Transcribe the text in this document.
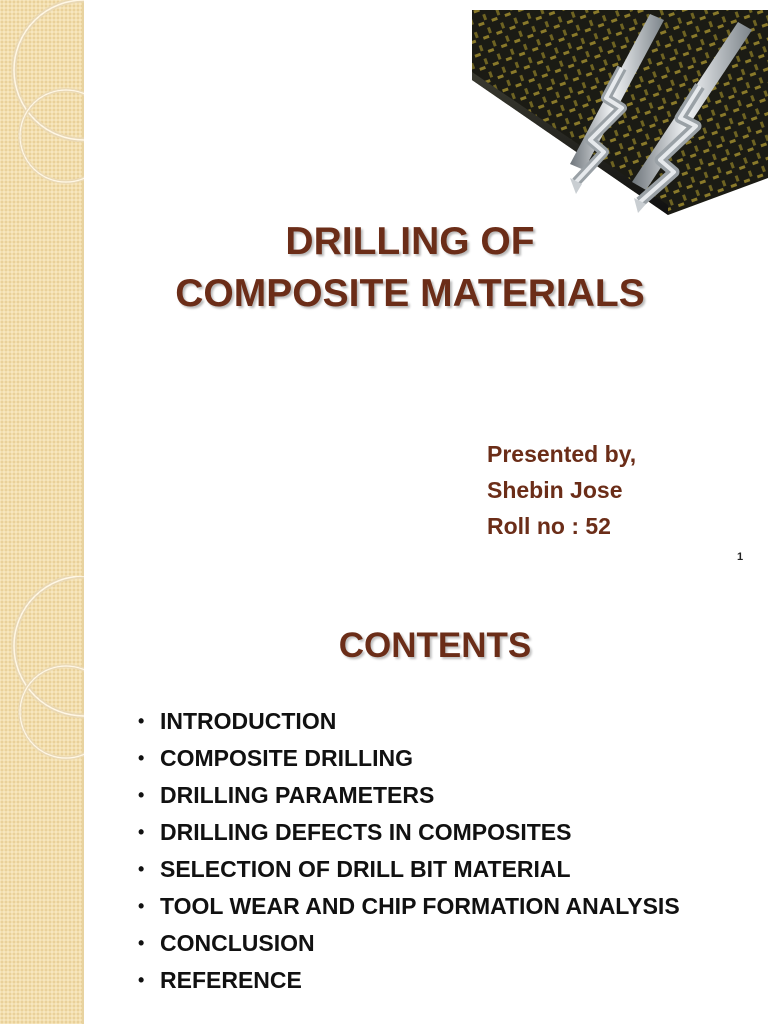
DRILLING OF
COMPOSITE MATERIALS
Presented by,
Shebin Jose
Roll no : 52
1
CONTENTS
• INTRODUCTION
• COMPOSITE DRILLING
• DRILLING PARAMETERS
• DRILLING DEFECTS IN COMPOSITES
• SELECTION OF DRILL BIT MATERIAL
• TOOL WEAR AND CHIP FORMATION ANALYSIS
• CONCLUSION
• REFERENCE
